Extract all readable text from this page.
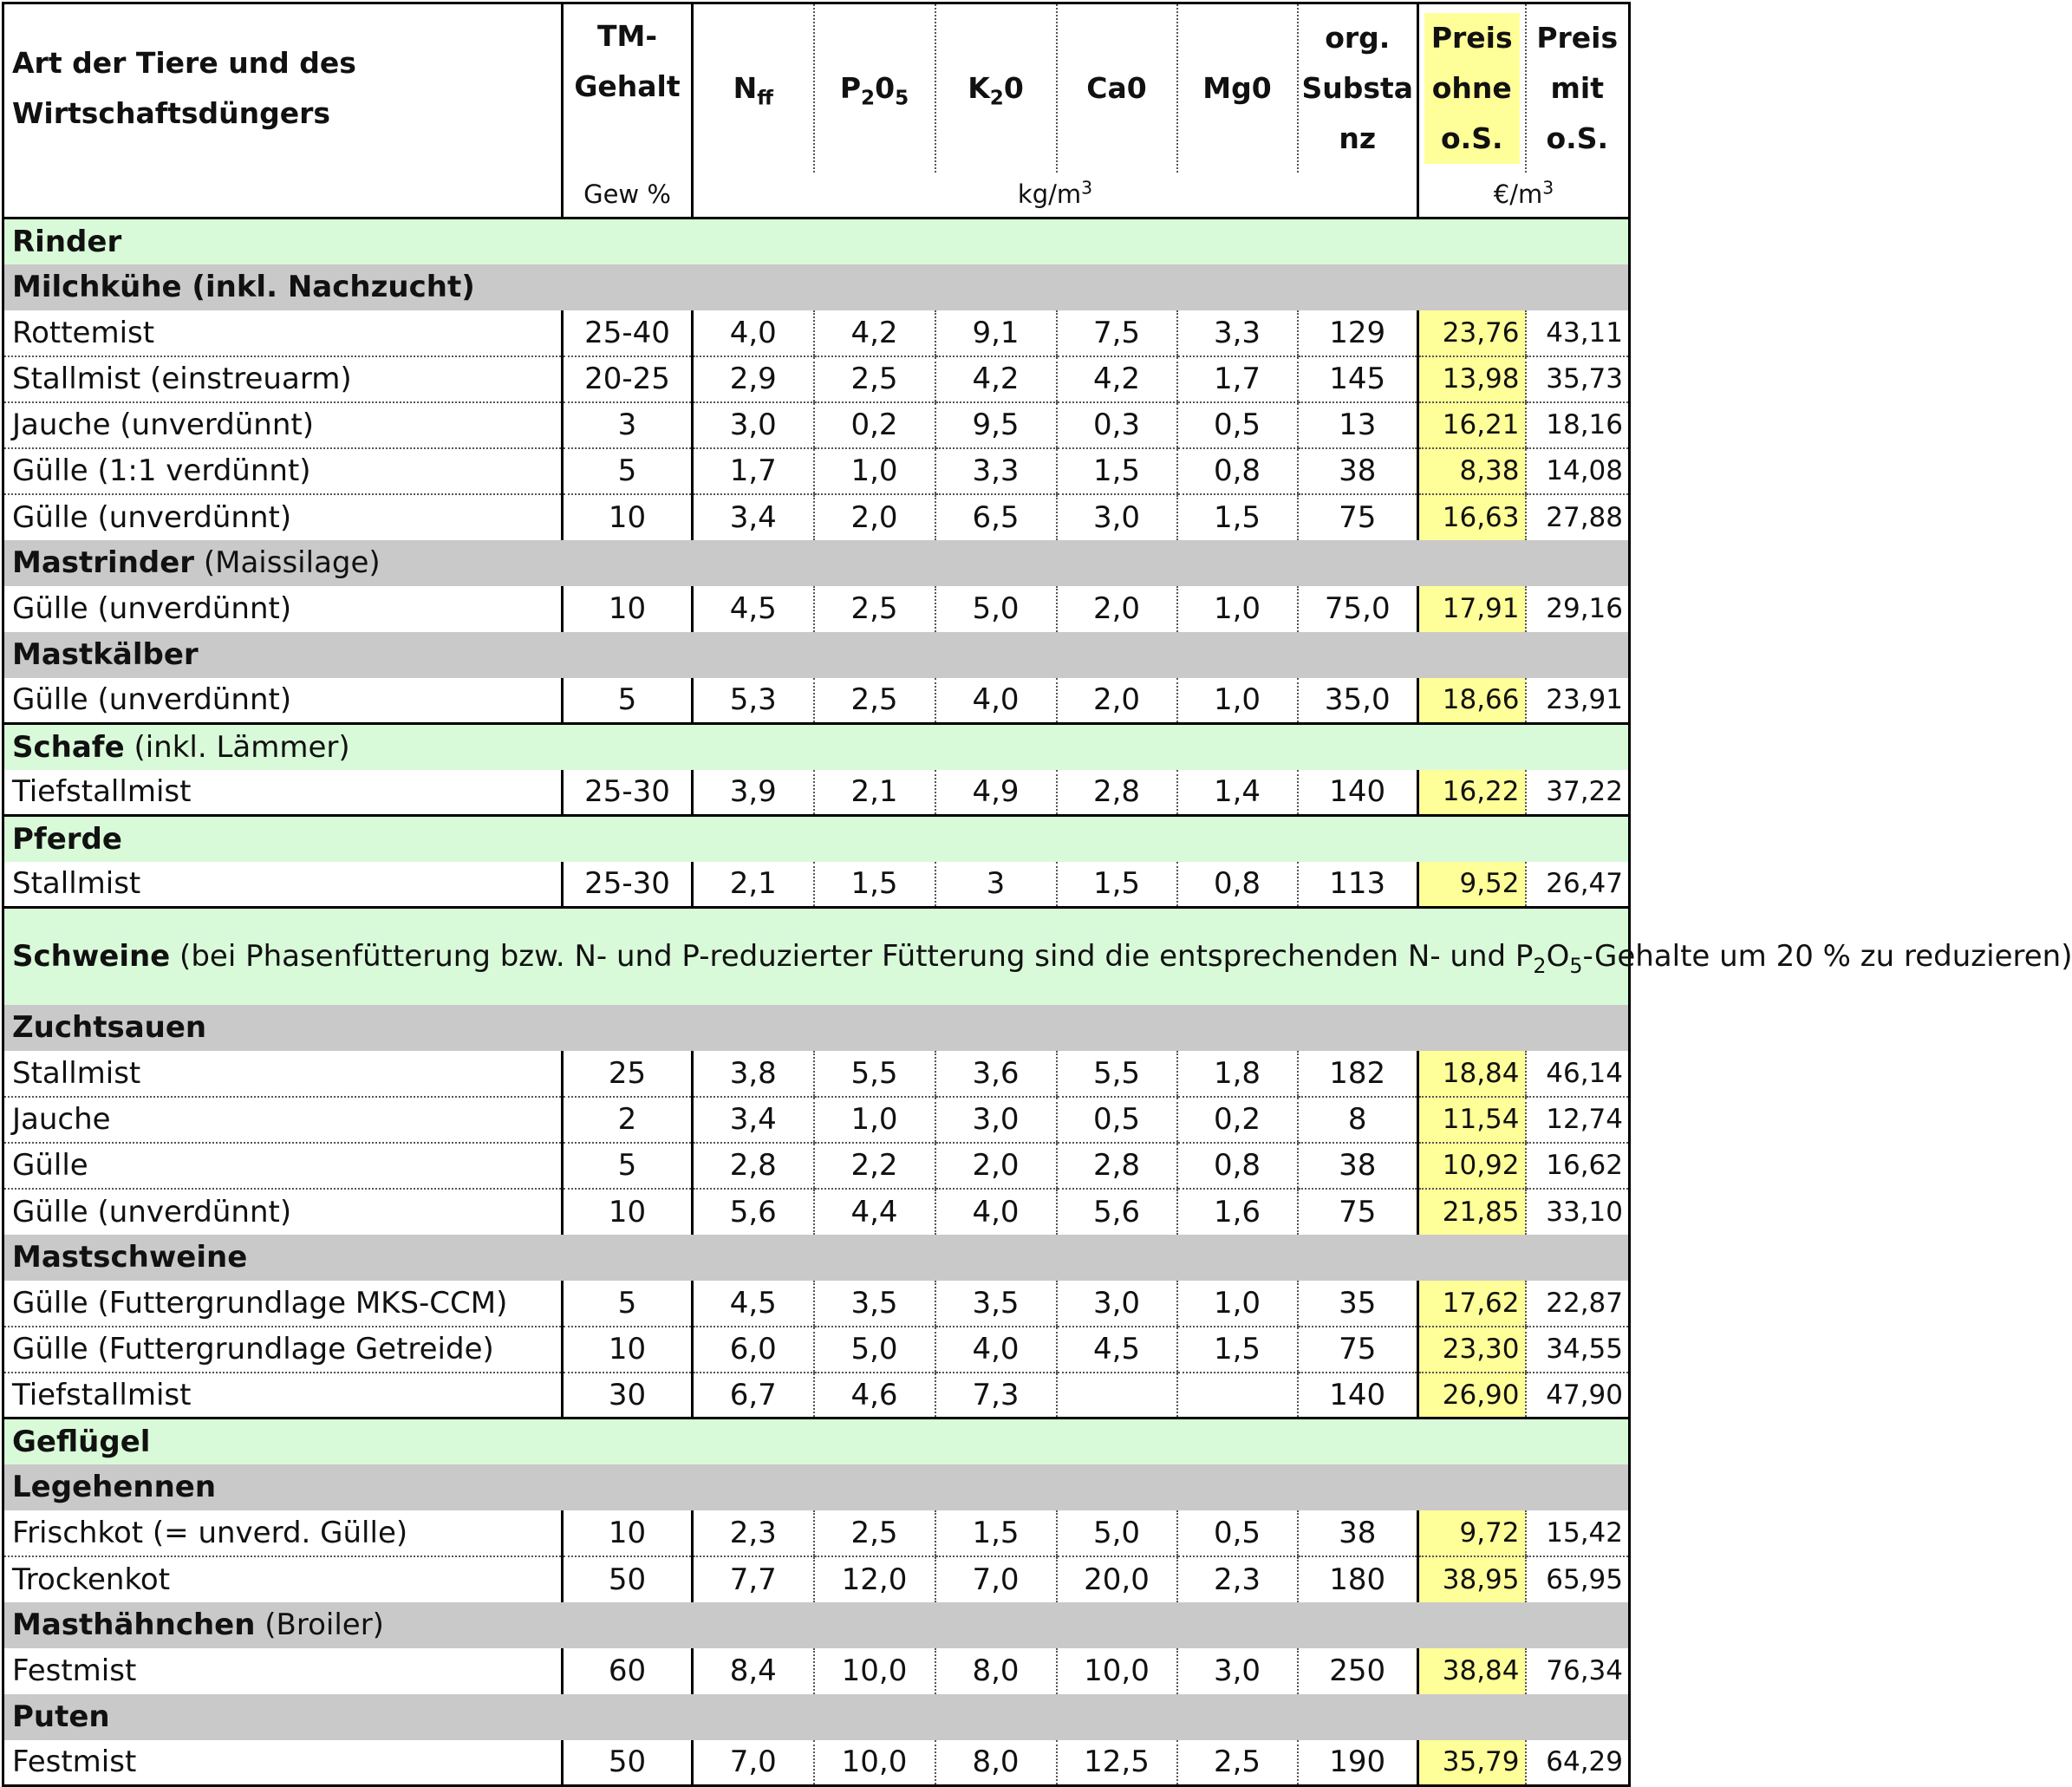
Art der Tiere und des Wirtschaftsdüngers	TM-Gehalt	$N_{ff}$	$P_20_5$	$K_20$	Ca0	Mg0	org. Substa nz	Preis ohne o.S.	Preis mit o.S.
	Gew %	$kg/m^3$						$€/m^3$
Rinder									
Milchkühe (inkl. Nachzucht)									
Rottemist	25-40	4,0	4,2	9,1	7,5	3,3	129	23,76	43,11
Stallmist (einstreuarm)	20-25	2,9	2,5	4,2	4,2	1,7	145	13,98	35,73
Jauche (unverdünnt)	3	3,0	0,2	9,5	0,3	0,5	13	16,21	18,16
Gülle (1:1 verdünnt)	5	1,7	1,0	3,3	1,5	0,8	38	8,38	14,08
Gülle (unverdünnt)	10	3,4	2,0	6,5	3,0	1,5	75	16,63	27,88
Mastrinder (Maissilage)									
Gülle (unverdünnt)	10	4,5	2,5	5,0	2,0	1,0	75,0	17,91	29,16
Mastkälber									
Gülle (unverdünnt)	5	5,3	2,5	4,0	2,0	1,0	35,0	18,66	23,91
Schafe (inkl. Lämmer)									
Tiefstallmist	25-30	3,9	2,1	4,9	2,8	1,4	140	16,22	37,22
Pferde									
Stallmist	25-30	2,1	1,5	3	1,5	0,8	113	9,52	26,47
Schweine (bei Phasenfütterung bzw. N- und P-reduzierter Fütterung sind die entsprechenden N- und $P_2O_5$-Gehalte um 20 % zu reduzieren)									
Zuchtsauen									
Stallmist	25	3,8	5,5	3,6	5,5	1,8	182	18,84	46,14
Jauche	2	3,4	1,0	3,0	0,5	0,2	8	11,54	12,74
Gülle	5	2,8	2,2	2,0	2,8	0,8	38	10,92	16,62
Gülle (unverdünnt)	10	5,6	4,4	4,0	5,6	1,6	75	21,85	33,10
Mastschweine									
Gülle (Futtergrundlage MKS-CCM)	5	4,5	3,5	3,5	3,0	1,0	35	17,62	22,87
Gülle (Futtergrundlage Getreide)	10	6,0	5,0	4,0	4,5	1,5	75	23,30	34,55
Tiefstallmist	30	6,7	4,6	7,3			140	26,90	47,90
Geflügel									
Legehennen									
Frischkot (= unverd. Gülle)	10	2,3	2,5	1,5	5,0	0,5	38	9,72	15,42
Trockenkot	50	7,7	12,0	7,0	20,0	2,3	180	38,95	65,95
Masthähnchen (Broiler)									
Festmist	60	8,4	10,0	8,0	10,0	3,0	250	38,84	76,34
Puten									
Festmist	50	7,0	10,0	8,0	12,5	2,5	190	35,79	64,29
